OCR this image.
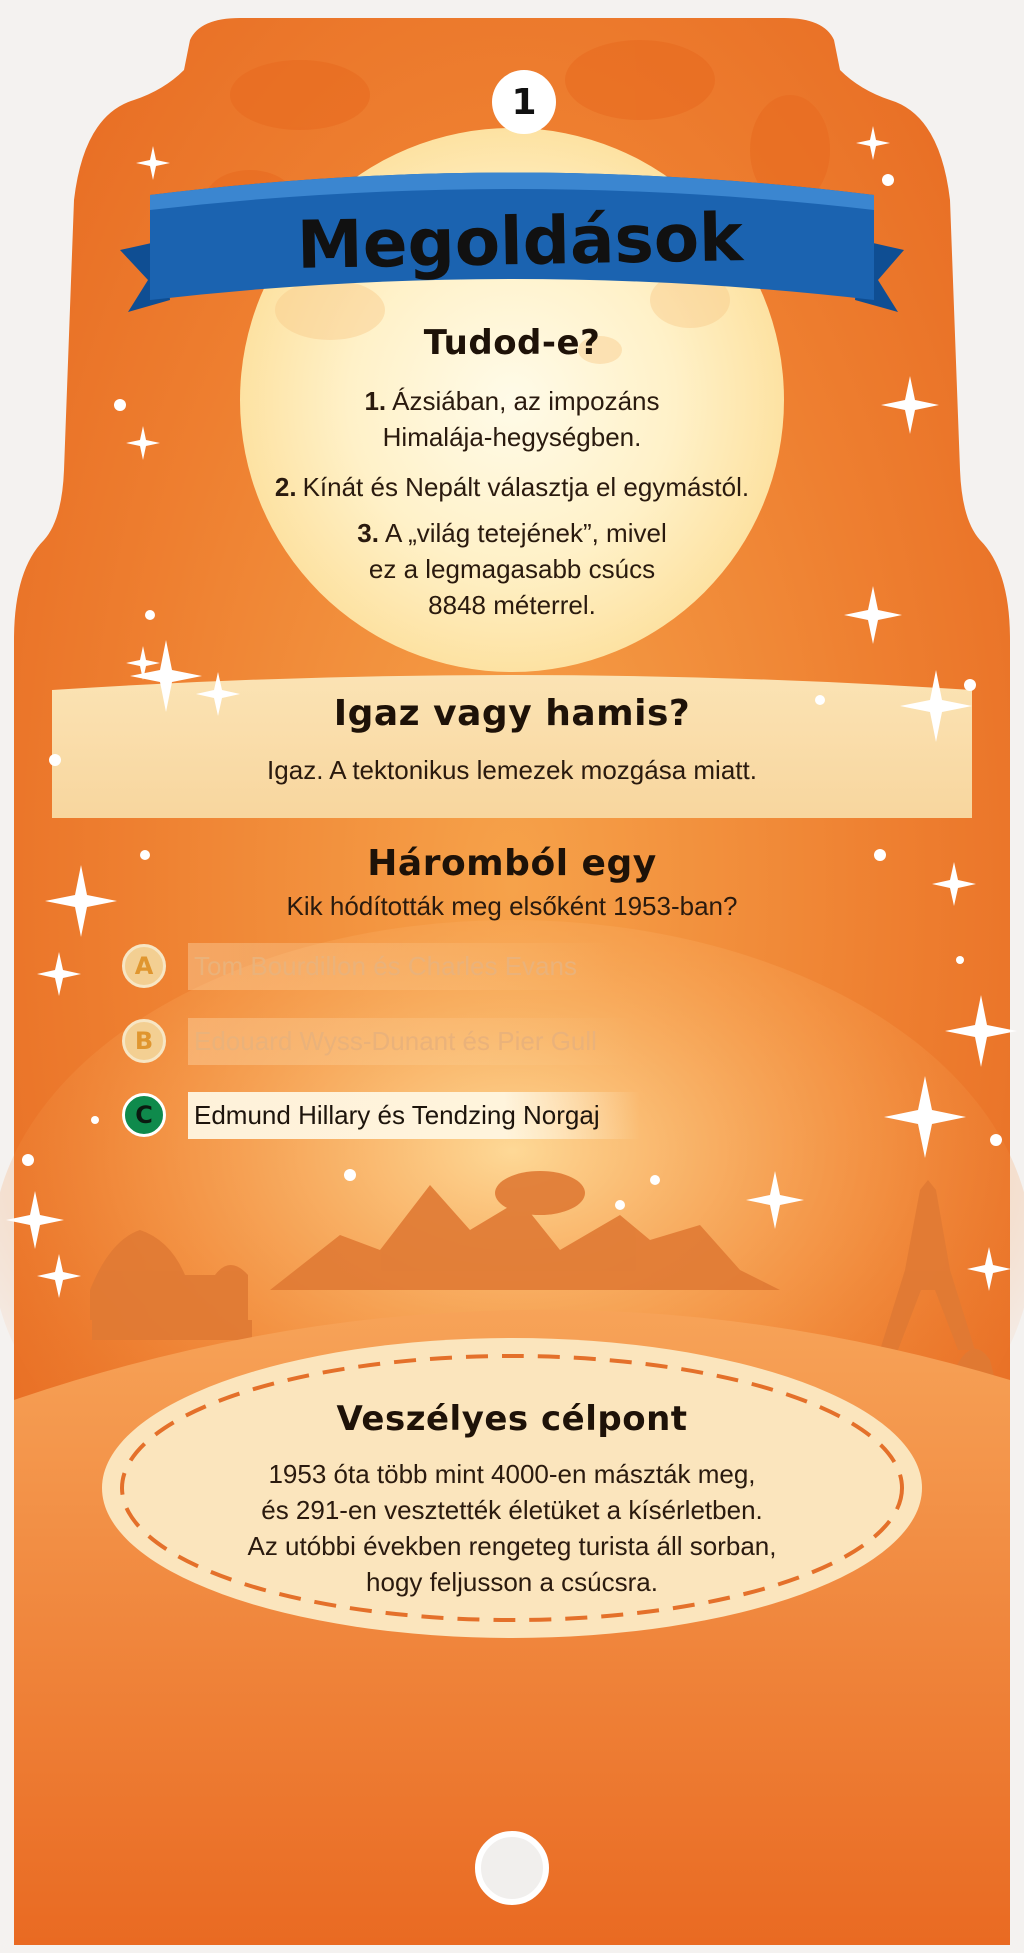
1
Megoldások
Tudod-e?
1. Ázsiában, az impozáns
Himalája-hegységben.
2. Kínát és Nepált választja el egymástól.
3. A „világ tetejének”, mivel
ez a legmagasabb csúcs
8848 méterrel.
Igaz vagy hamis?
Igaz. A tektonikus lemezek mozgása miatt.
Háromból egy
Kik hódították meg elsőként 1953-ban?
A	Tom Bourdillon és Charles Evans
B	Edouard Wyss-Dunant és Pier Gull
C	Edmund Hillary és Tendzing Norgaj
Veszélyes célpont
1953 óta több mint 4000-en mászták meg,
és 291-en vesztették életüket a kísérletben.
Az utóbbi években rengeteg turista áll sorban,
hogy feljusson a csúcsra.
